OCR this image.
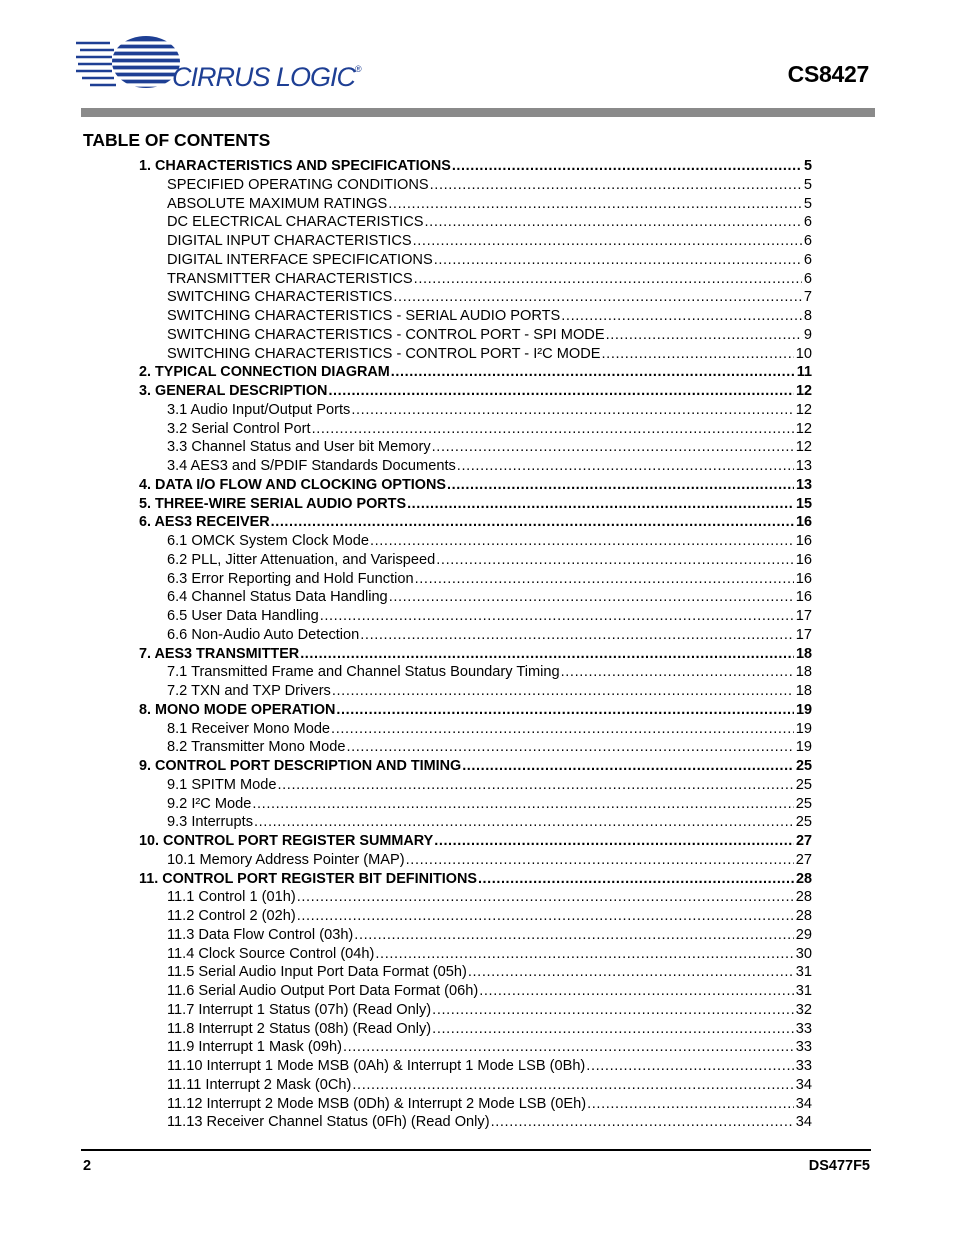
CIRRUS LOGIC®	CS8427
TABLE OF CONTENTS
1. CHARACTERISTICS AND SPECIFICATIONS .....	5
SPECIFIED OPERATING CONDITIONS .....	5
ABSOLUTE MAXIMUM RATINGS .....	5
DC ELECTRICAL CHARACTERISTICS .....	6
DIGITAL INPUT CHARACTERISTICS .....	6
DIGITAL INTERFACE SPECIFICATIONS .....	6
TRANSMITTER CHARACTERISTICS .....	6
SWITCHING CHARACTERISTICS .....	7
SWITCHING CHARACTERISTICS - SERIAL AUDIO PORTS .....	8
SWITCHING CHARACTERISTICS - CONTROL PORT - SPI MODE .....	9
SWITCHING CHARACTERISTICS - CONTROL PORT - I²C MODE .....	10
2. TYPICAL CONNECTION DIAGRAM .....	11
3. GENERAL DESCRIPTION .....	12
3.1 Audio Input/Output Ports .....	12
3.2 Serial Control Port .....	12
3.3 Channel Status and User bit Memory .....	12
3.4 AES3 and S/PDIF Standards Documents .....	13
4. DATA I/O FLOW AND CLOCKING OPTIONS .....	13
5. THREE-WIRE SERIAL AUDIO PORTS .....	15
6. AES3 RECEIVER .....	16
6.1 OMCK System Clock Mode .....	16
6.2 PLL, Jitter Attenuation, and Varispeed .....	16
6.3 Error Reporting and Hold Function .....	16
6.4 Channel Status Data Handling .....	16
6.5 User Data Handling .....	17
6.6 Non-Audio Auto Detection .....	17
7. AES3 TRANSMITTER .....	18
7.1 Transmitted Frame and Channel Status Boundary Timing .....	18
7.2 TXN and TXP Drivers .....	18
8. MONO MODE OPERATION .....	19
8.1 Receiver Mono Mode .....	19
8.2 Transmitter Mono Mode .....	19
9. CONTROL PORT DESCRIPTION AND TIMING .....	25
9.1 SPITM Mode .....	25
9.2 I²C Mode .....	25
9.3 Interrupts .....	25
10. CONTROL PORT REGISTER SUMMARY .....	27
10.1 Memory Address Pointer (MAP) .....	27
11. CONTROL PORT REGISTER BIT DEFINITIONS .....	28
11.1 Control 1 (01h) .....	28
11.2 Control 2 (02h) .....	28
11.3 Data Flow Control (03h) .....	29
11.4 Clock Source Control (04h) .....	30
11.5 Serial Audio Input Port Data Format (05h) .....	31
11.6 Serial Audio Output Port Data Format (06h) .....	31
11.7 Interrupt 1 Status (07h) (Read Only) .....	32
11.8 Interrupt 2 Status (08h) (Read Only) .....	33
11.9 Interrupt 1 Mask (09h) .....	33
11.10 Interrupt 1 Mode MSB (0Ah) & Interrupt 1 Mode LSB (0Bh) .....	33
11.11 Interrupt 2 Mask (0Ch) .....	34
11.12 Interrupt 2 Mode MSB (0Dh) & Interrupt 2 Mode LSB (0Eh) .....	34
11.13 Receiver Channel Status (0Fh) (Read Only) .....	34
2	DS477F5
